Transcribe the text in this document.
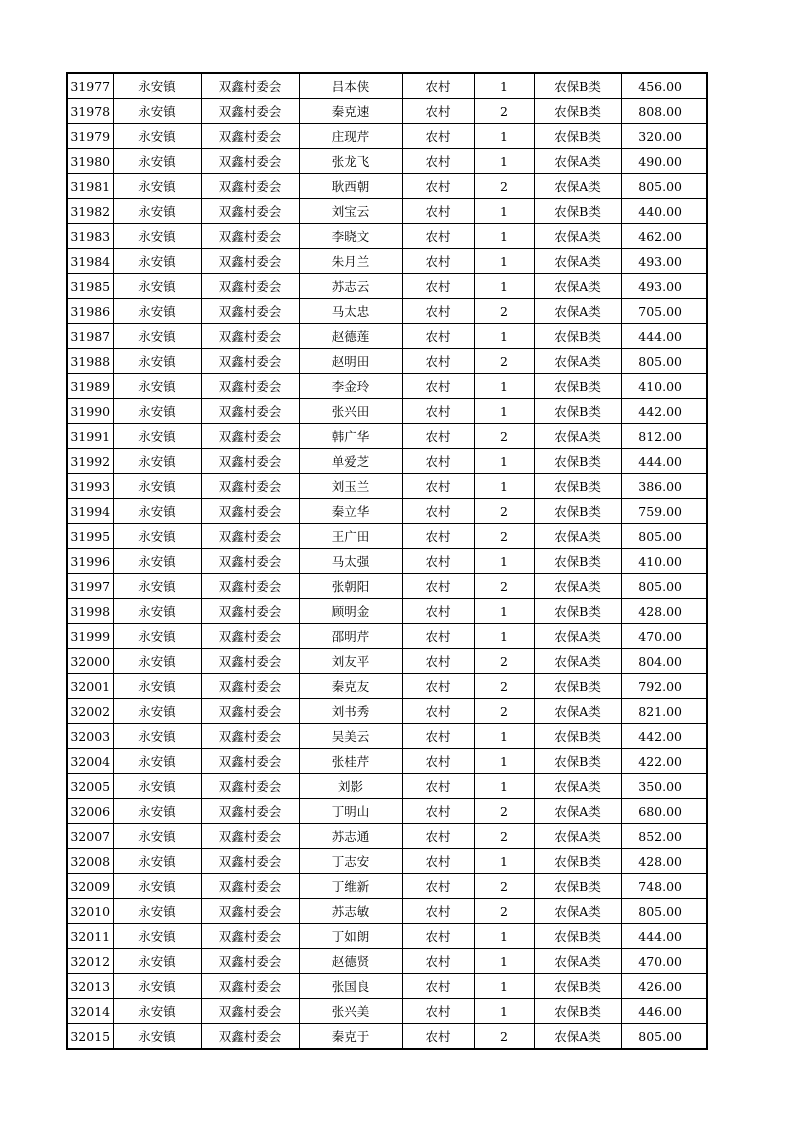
31977	永安镇	双鑫村委会	吕本侠	农村	1	农保B类	456.00
31978	永安镇	双鑫村委会	秦克速	农村	2	农保B类	808.00
31979	永安镇	双鑫村委会	庄现芹	农村	1	农保B类	320.00
31980	永安镇	双鑫村委会	张龙飞	农村	1	农保A类	490.00
31981	永安镇	双鑫村委会	耿西朝	农村	2	农保A类	805.00
31982	永安镇	双鑫村委会	刘宝云	农村	1	农保B类	440.00
31983	永安镇	双鑫村委会	李晓文	农村	1	农保A类	462.00
31984	永安镇	双鑫村委会	朱月兰	农村	1	农保A类	493.00
31985	永安镇	双鑫村委会	苏志云	农村	1	农保A类	493.00
31986	永安镇	双鑫村委会	马太忠	农村	2	农保A类	705.00
31987	永安镇	双鑫村委会	赵德莲	农村	1	农保B类	444.00
31988	永安镇	双鑫村委会	赵明田	农村	2	农保A类	805.00
31989	永安镇	双鑫村委会	李金玲	农村	1	农保B类	410.00
31990	永安镇	双鑫村委会	张兴田	农村	1	农保B类	442.00
31991	永安镇	双鑫村委会	韩广华	农村	2	农保A类	812.00
31992	永安镇	双鑫村委会	单爱芝	农村	1	农保B类	444.00
31993	永安镇	双鑫村委会	刘玉兰	农村	1	农保B类	386.00
31994	永安镇	双鑫村委会	秦立华	农村	2	农保B类	759.00
31995	永安镇	双鑫村委会	王广田	农村	2	农保A类	805.00
31996	永安镇	双鑫村委会	马太强	农村	1	农保B类	410.00
31997	永安镇	双鑫村委会	张朝阳	农村	2	农保A类	805.00
31998	永安镇	双鑫村委会	顾明金	农村	1	农保B类	428.00
31999	永安镇	双鑫村委会	邵明芹	农村	1	农保A类	470.00
32000	永安镇	双鑫村委会	刘友平	农村	2	农保A类	804.00
32001	永安镇	双鑫村委会	秦克友	农村	2	农保B类	792.00
32002	永安镇	双鑫村委会	刘书秀	农村	2	农保A类	821.00
32003	永安镇	双鑫村委会	吴美云	农村	1	农保B类	442.00
32004	永安镇	双鑫村委会	张桂芹	农村	1	农保B类	422.00
32005	永安镇	双鑫村委会	刘影	农村	1	农保A类	350.00
32006	永安镇	双鑫村委会	丁明山	农村	2	农保A类	680.00
32007	永安镇	双鑫村委会	苏志通	农村	2	农保A类	852.00
32008	永安镇	双鑫村委会	丁志安	农村	1	农保B类	428.00
32009	永安镇	双鑫村委会	丁维新	农村	2	农保B类	748.00
32010	永安镇	双鑫村委会	苏志敏	农村	2	农保A类	805.00
32011	永安镇	双鑫村委会	丁如朗	农村	1	农保B类	444.00
32012	永安镇	双鑫村委会	赵德贤	农村	1	农保A类	470.00
32013	永安镇	双鑫村委会	张国良	农村	1	农保B类	426.00
32014	永安镇	双鑫村委会	张兴美	农村	1	农保B类	446.00
32015	永安镇	双鑫村委会	秦克于	农村	2	农保A类	805.00
